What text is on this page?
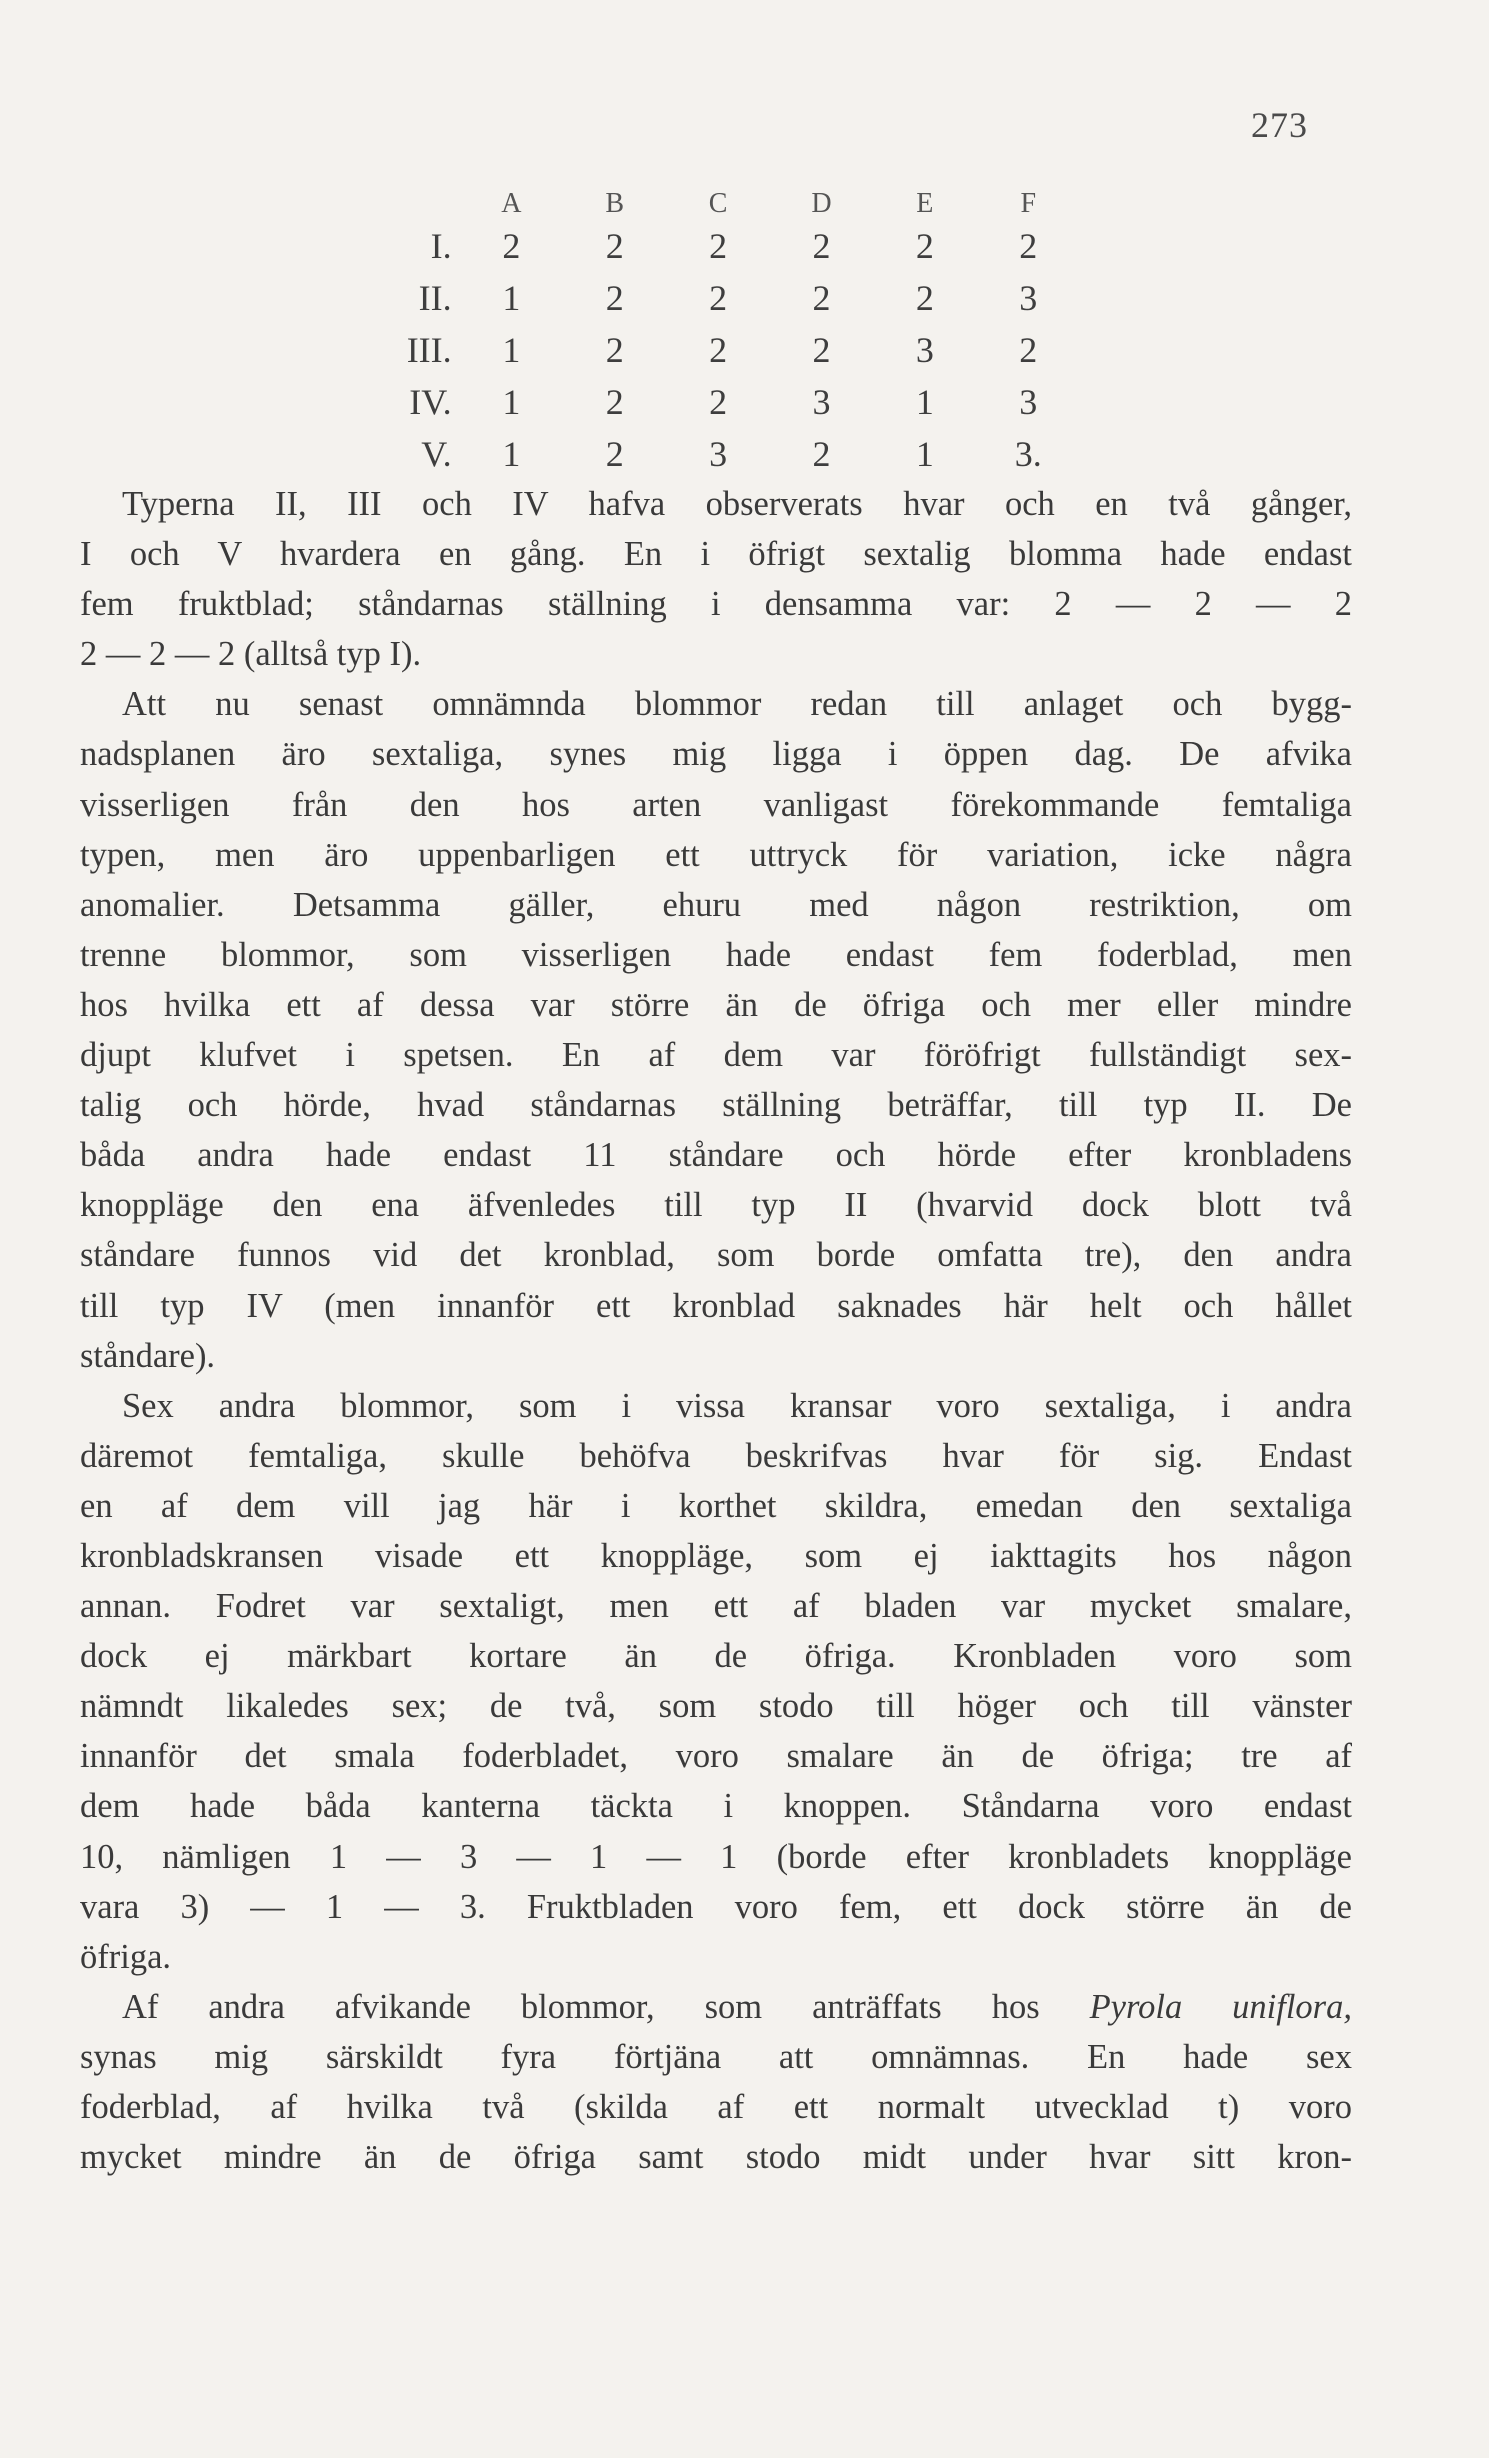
273
	A	B	C	D	E	F
I.	2	2	2	2	2	2
II.	1	2	2	2	2	3
III.	1	2	2	2	3	2
IV.	1	2	2	3	1	3
V.	1	2	3	2	1	3.
Typerna II, III och IV hafva observerats hvar och en två gånger,
I och V hvardera en gång. En i öfrigt sextalig blomma hade endast
fem fruktblad; ståndarnas ställning i densamma var: 2 — 2 — 2
2 — 2 — 2 (alltså typ I).
Att nu senast omnämnda blommor redan till anlaget och bygg-
nadsplanen äro sextaliga, synes mig ligga i öppen dag. De afvika
visserligen från den hos arten vanligast förekommande femtaliga
typen, men äro uppenbarligen ett uttryck för variation, icke några
anomalier. Detsamma gäller, ehuru med någon restriktion, om
trenne blommor, som visserligen hade endast fem foderblad, men
hos hvilka ett af dessa var större än de öfriga och mer eller mindre
djupt klufvet i spetsen. En af dem var föröfrigt fullständigt sex-
talig och hörde, hvad ståndarnas ställning beträffar, till typ II. De
båda andra hade endast 11 ståndare och hörde efter kronbladens
knoppläge den ena äfvenledes till typ II (hvarvid dock blott två
ståndare funnos vid det kronblad, som borde omfatta tre), den andra
till typ IV (men innanför ett kronblad saknades här helt och hållet
ståndare).
Sex andra blommor, som i vissa kransar voro sextaliga, i andra
däremot femtaliga, skulle behöfva beskrifvas hvar för sig. Endast
en af dem vill jag här i korthet skildra, emedan den sextaliga
kronbladskransen visade ett knoppläge, som ej iakttagits hos någon
annan. Fodret var sextaligt, men ett af bladen var mycket smalare,
dock ej märkbart kortare än de öfriga. Kronbladen voro som
nämndt likaledes sex; de två, som stodo till höger och till vänster
innanför det smala foderbladet, voro smalare än de öfriga; tre af
dem hade båda kanterna täckta i knoppen. Ståndarna voro endast
10, nämligen 1 — 3 — 1 — 1 (borde efter kronbladets knoppläge
vara 3) — 1 — 3. Fruktbladen voro fem, ett dock större än de
öfriga.
Af andra afvikande blommor, som anträffats hos Pyrola uniflora,
synas mig särskildt fyra förtjäna att omnämnas. En hade sex
foderblad, af hvilka två (skilda af ett normalt utvecklad t) voro
mycket mindre än de öfriga samt stodo midt under hvar sitt kron-
